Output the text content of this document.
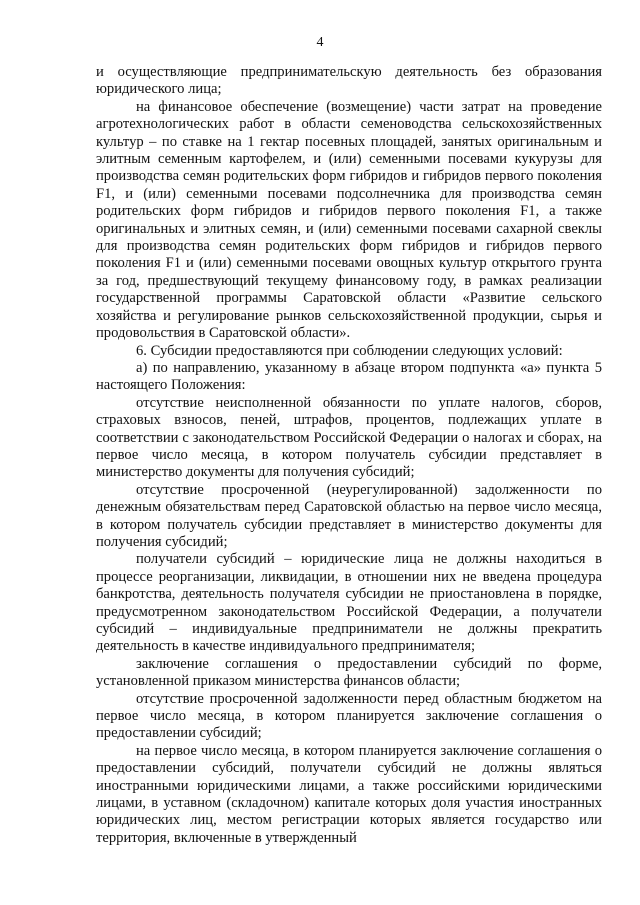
4

и осуществляющие предпринимательскую деятельность без образования юридического лица;

на финансовое обеспечение (возмещение) части затрат на проведение агротехнологических работ в области семеноводства сельскохозяйственных культур – по ставке на 1 гектар посевных площадей, занятых оригинальным и элитным семенным картофелем, и (или) семенными посевами кукурузы для производства семян родительских форм гибридов и гибридов первого поколения F1, и (или) семенными посевами подсолнечника для производства семян родительских форм гибридов и гибридов первого поколения F1, а также оригинальных и элитных семян, и (или) семенными посевами сахарной свеклы для производства семян родительских форм гибридов и гибридов первого поколения F1 и (или) семенными посевами овощных культур открытого грунта за год, предшествующий текущему финансовому году, в рамках реализации государственной программы Саратовской области «Развитие сельского хозяйства и регулирование рынков сельскохозяйственной продукции, сырья и продовольствия в Саратовской области».

6. Субсидии предоставляются при соблюдении следующих условий:

а) по направлению, указанному в абзаце втором подпункта «а» пункта 5 настоящего Положения:

отсутствие неисполненной обязанности по уплате налогов, сборов, страховых взносов, пеней, штрафов, процентов, подлежащих уплате в соответствии с законодательством Российской Федерации о налогах и сборах, на первое число месяца, в котором получатель субсидии представляет в министерство документы для получения субсидий;

отсутствие просроченной (неурегулированной) задолженности по денежным обязательствам перед Саратовской областью на первое число месяца, в котором получатель субсидии представляет в министерство документы для получения субсидий;

получатели субсидий – юридические лица не должны находиться в процессе реорганизации, ликвидации, в отношении них не введена процедура банкротства, деятельность получателя субсидии не приостановлена в порядке, предусмотренном законодательством Российской Федерации, а получатели субсидий – индивидуальные предприниматели не должны прекратить деятельность в качестве индивидуального предпринимателя;

заключение соглашения о предоставлении субсидий по форме, установленной приказом министерства финансов области;

отсутствие просроченной задолженности перед областным бюджетом на первое число месяца, в котором планируется заключение соглашения о предоставлении субсидий;

на первое число месяца, в котором планируется заключение соглашения о предоставлении субсидий, получатели субсидий не должны являться иностранными юридическими лицами, а также российскими юридическими лицами, в уставном (складочном) капитале которых доля участия иностранных юридических лиц, местом регистрации которых является государство или территория, включенные в утвержденный
